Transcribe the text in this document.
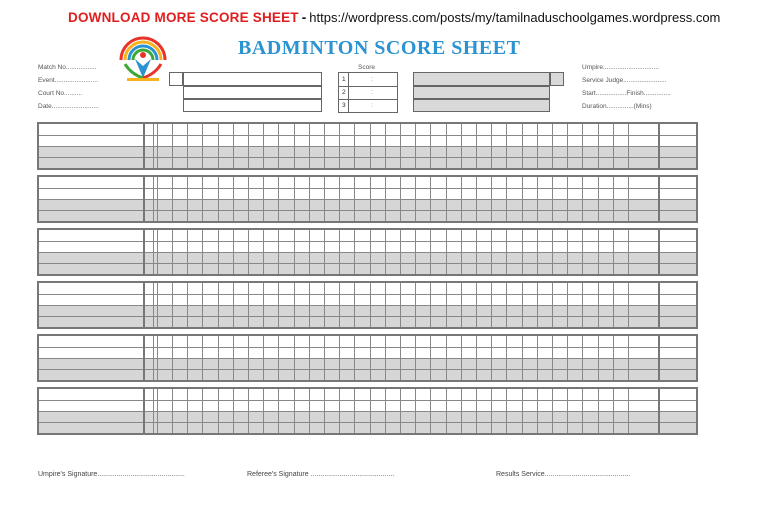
DOWNLOAD MORE SCORE SHEET - https://wordpress.com/posts/my/tamilnaduschoolgames.wordpress.com
BADMINTON SCORE SHEET
Match No.................
Event........................
Court No..........
Date..........................
Umpire...............................
Service Judge........................
Start.................Finish...............
Duration...............(Mins)
Score
1
2
3
:
:
:
Umpire's Signature.............................................	Referee's Signature ...........................................	Results Service............................................
